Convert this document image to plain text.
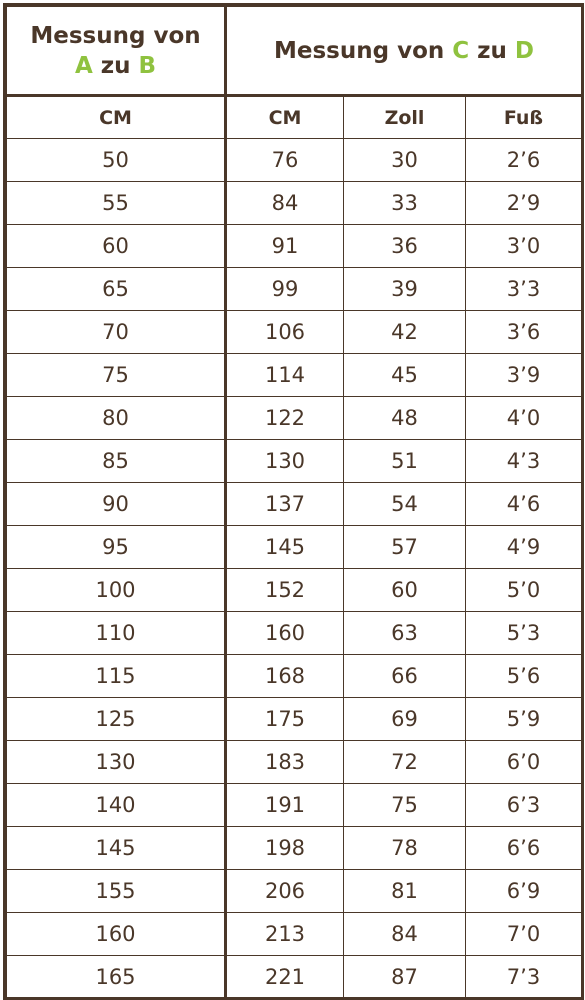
Messung von
A zu B	Messung von C zu D		
CM	CM	Zoll	Fuß
50	76	30	2’6
55	84	33	2’9
60	91	36	3’0
65	99	39	3’3
70	106	42	3’6
75	114	45	3’9
80	122	48	4’0
85	130	51	4’3
90	137	54	4’6
95	145	57	4’9
100	152	60	5’0
110	160	63	5’3
115	168	66	5’6
125	175	69	5’9
130	183	72	6’0
140	191	75	6’3
145	198	78	6’6
155	206	81	6’9
160	213	84	7’0
165	221	87	7’3
